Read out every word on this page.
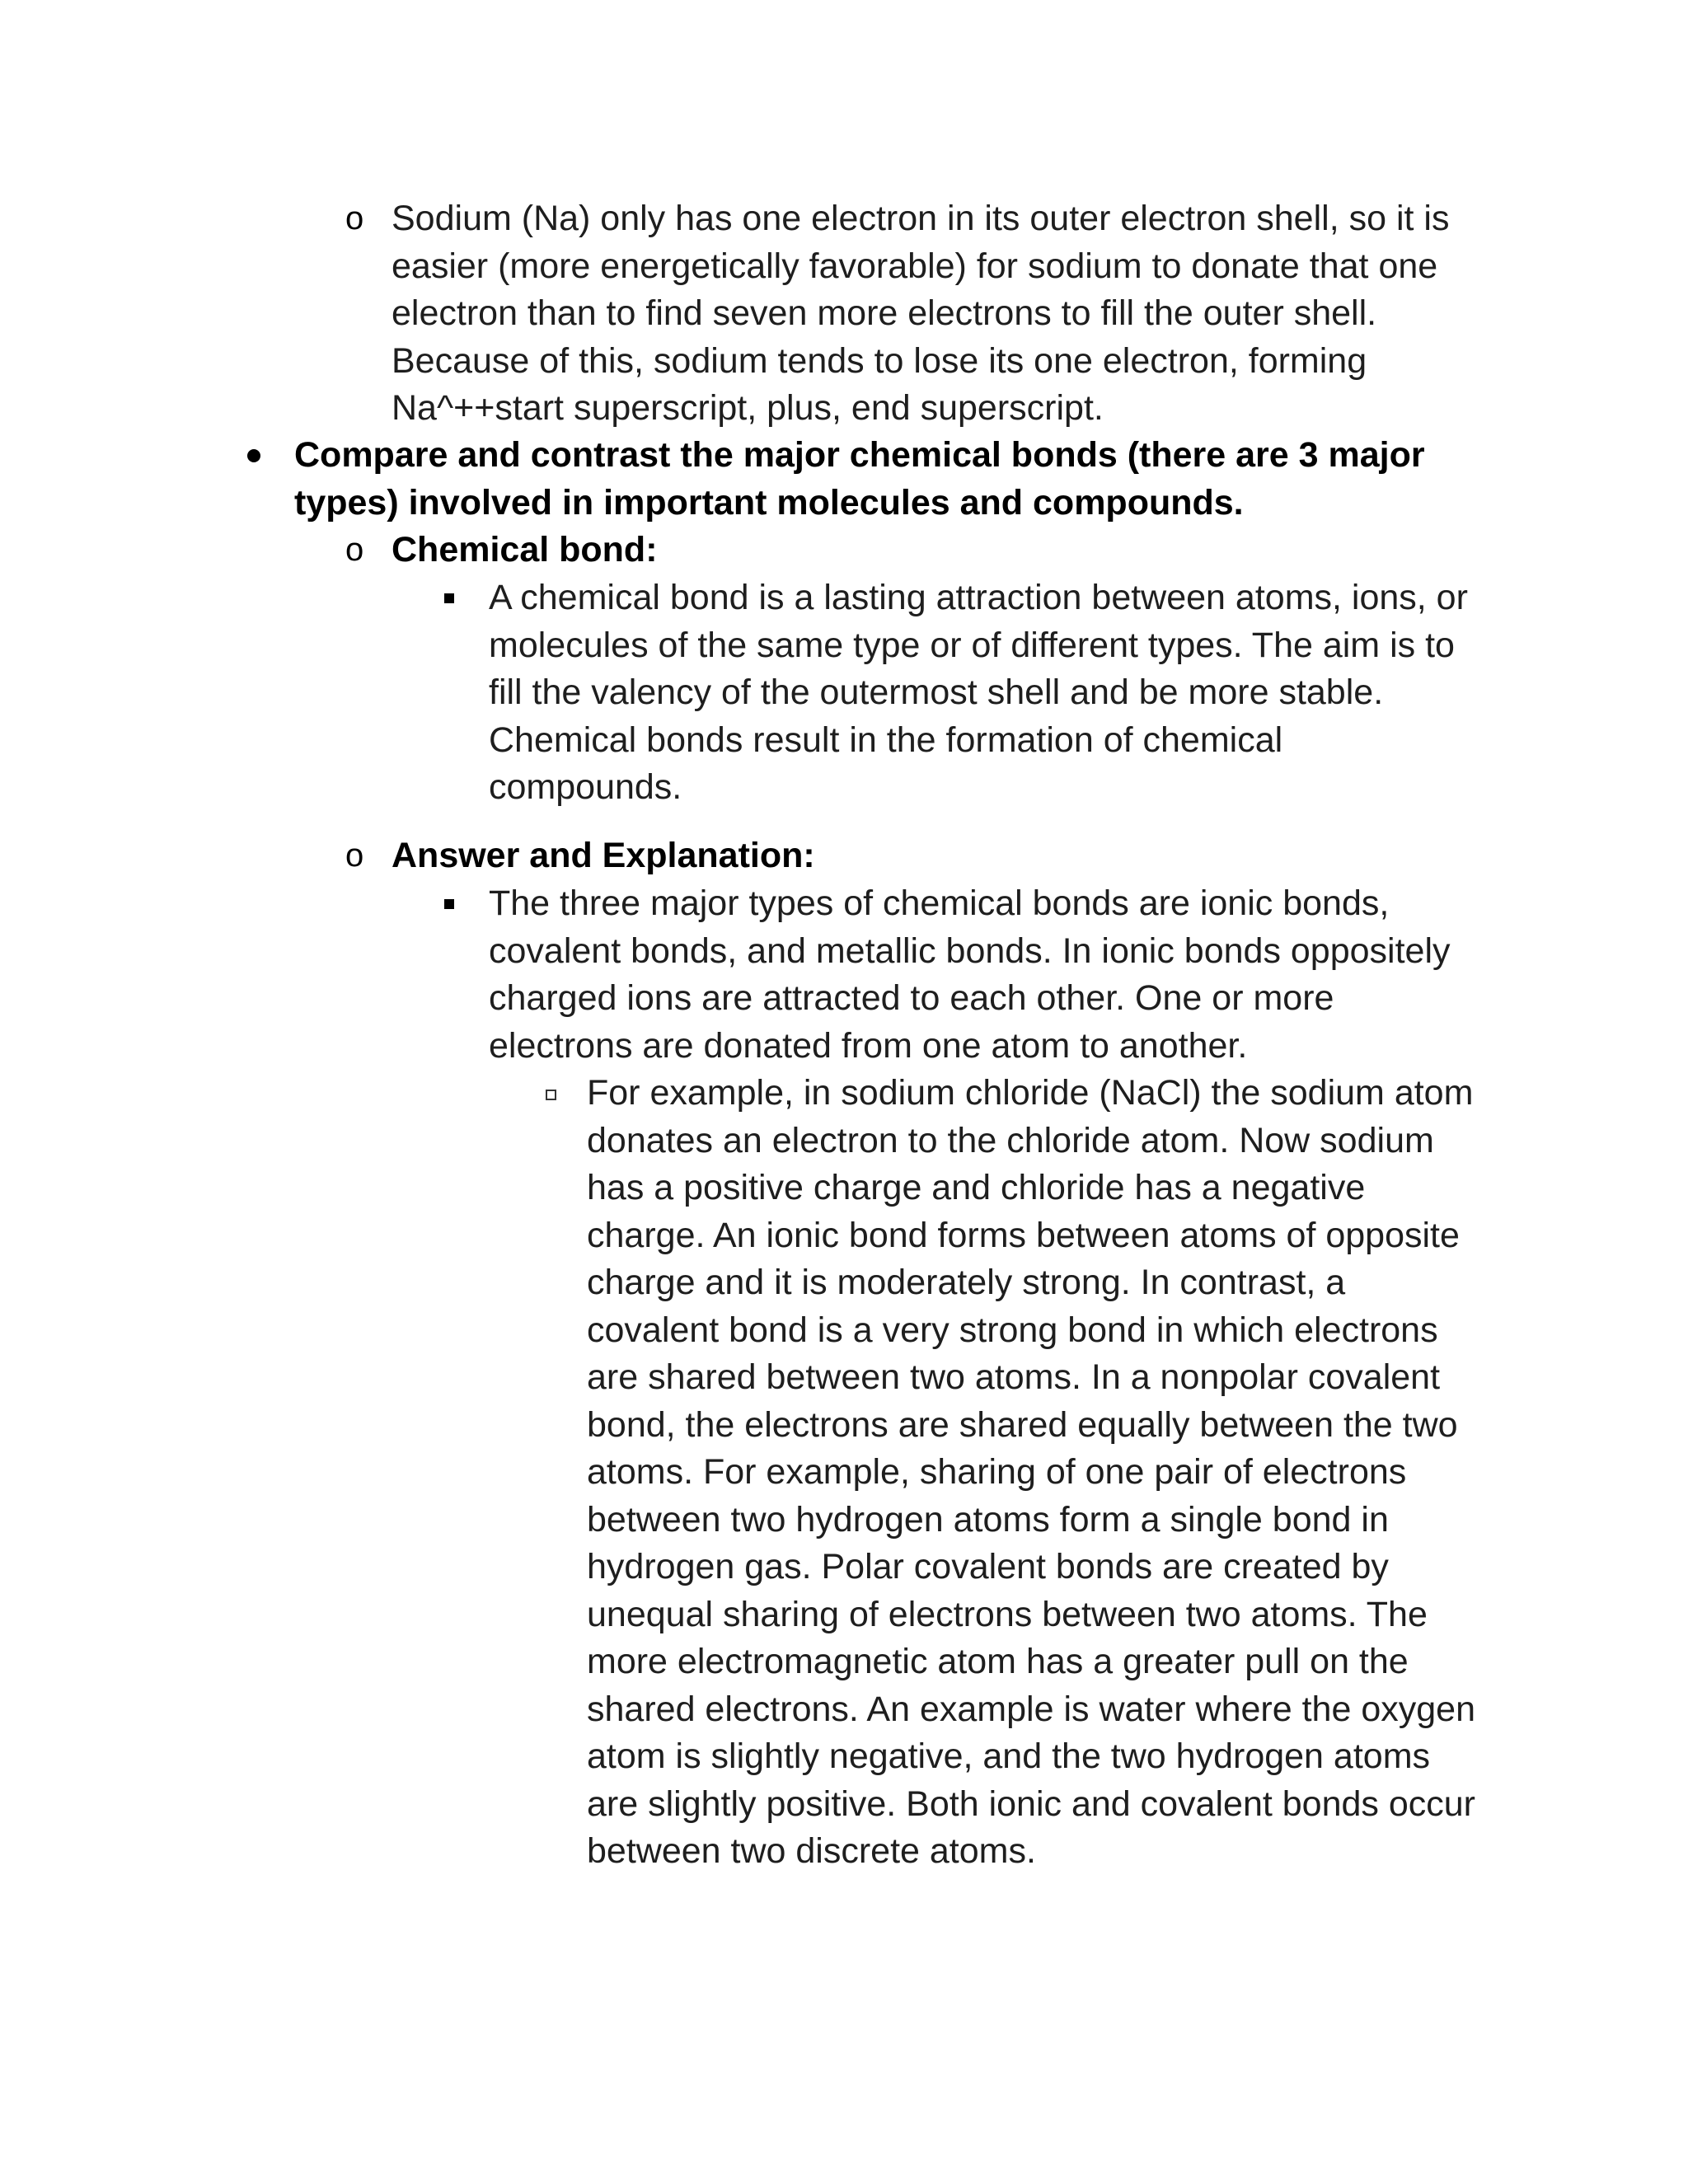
o Sodium (Na) only has one electron in its outer electron shell, so it is easier (more energetically favorable) for sodium to donate that one electron than to find seven more electrons to fill the outer shell. Because of this, sodium tends to lose its one electron, forming Na^++start superscript, plus, end superscript.
Compare and contrast the major chemical bonds (there are 3 major types) involved in important molecules and compounds.
o Chemical bond:
A chemical bond is a lasting attraction between atoms, ions, or molecules of the same type or of different types. The aim is to fill the valency of the outermost shell and be more stable. Chemical bonds result in the formation of chemical compounds.
o Answer and Explanation:
The three major types of chemical bonds are ionic bonds, covalent bonds, and metallic bonds. In ionic bonds oppositely charged ions are attracted to each other. One or more electrons are donated from one atom to another.
For example, in sodium chloride (NaCl) the sodium atom donates an electron to the chloride atom. Now sodium has a positive charge and chloride has a negative charge. An ionic bond forms between atoms of opposite charge and it is moderately strong. In contrast, a covalent bond is a very strong bond in which electrons are shared between two atoms. In a nonpolar covalent bond, the electrons are shared equally between the two atoms. For example, sharing of one pair of electrons between two hydrogen atoms form a single bond in hydrogen gas. Polar covalent bonds are created by unequal sharing of electrons between two atoms. The more electromagnetic atom has a greater pull on the shared electrons. An example is water where the oxygen atom is slightly negative, and the two hydrogen atoms are slightly positive. Both ionic and covalent bonds occur between two discrete atoms.
